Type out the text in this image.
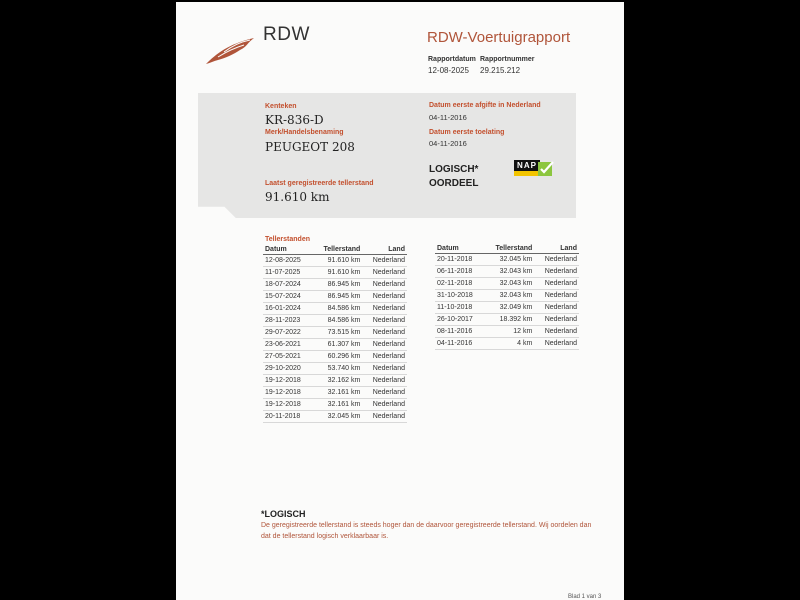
RDW	RDW-Voertuigrapport
Rapportdatum
12-08-2025
Rapportnummer
29.215.212
Kenteken
KR-836-D
Merk/Handelsbenaming
PEUGEOT 208
Laatst geregistreerde tellerstand
91.610 km
Datum eerste afgifte in Nederland
04-11-2016
Datum eerste toelating
04-11-2016
LOGISCH*
OORDEEL
NAP
Tellerstanden
Datum	Tellerstand	Land
12-08-2025	91.610 km	Nederland
11-07-2025	91.610 km	Nederland
18-07-2024	86.945 km	Nederland
15-07-2024	86.945 km	Nederland
16-01-2024	84.586 km	Nederland
28-11-2023	84.586 km	Nederland
29-07-2022	73.515 km	Nederland
23-06-2021	61.307 km	Nederland
27-05-2021	60.296 km	Nederland
29-10-2020	53.740 km	Nederland
19-12-2018	32.162 km	Nederland
19-12-2018	32.161 km	Nederland
19-12-2018	32.161 km	Nederland
20-11-2018	32.045 km	Nederland
Datum	Tellerstand	Land
20-11-2018	32.045 km	Nederland
06-11-2018	32.043 km	Nederland
02-11-2018	32.043 km	Nederland
31-10-2018	32.043 km	Nederland
11-10-2018	32.049 km	Nederland
26-10-2017	18.392 km	Nederland
08-11-2016	12 km	Nederland
04-11-2016	4 km	Nederland
*LOGISCH
De geregistreerde tellerstand is steeds hoger dan de daarvoor geregistreerde tellerstand. Wij oordelen dan dat de tellerstand logisch verklaarbaar is.
Blad 1 van 3
